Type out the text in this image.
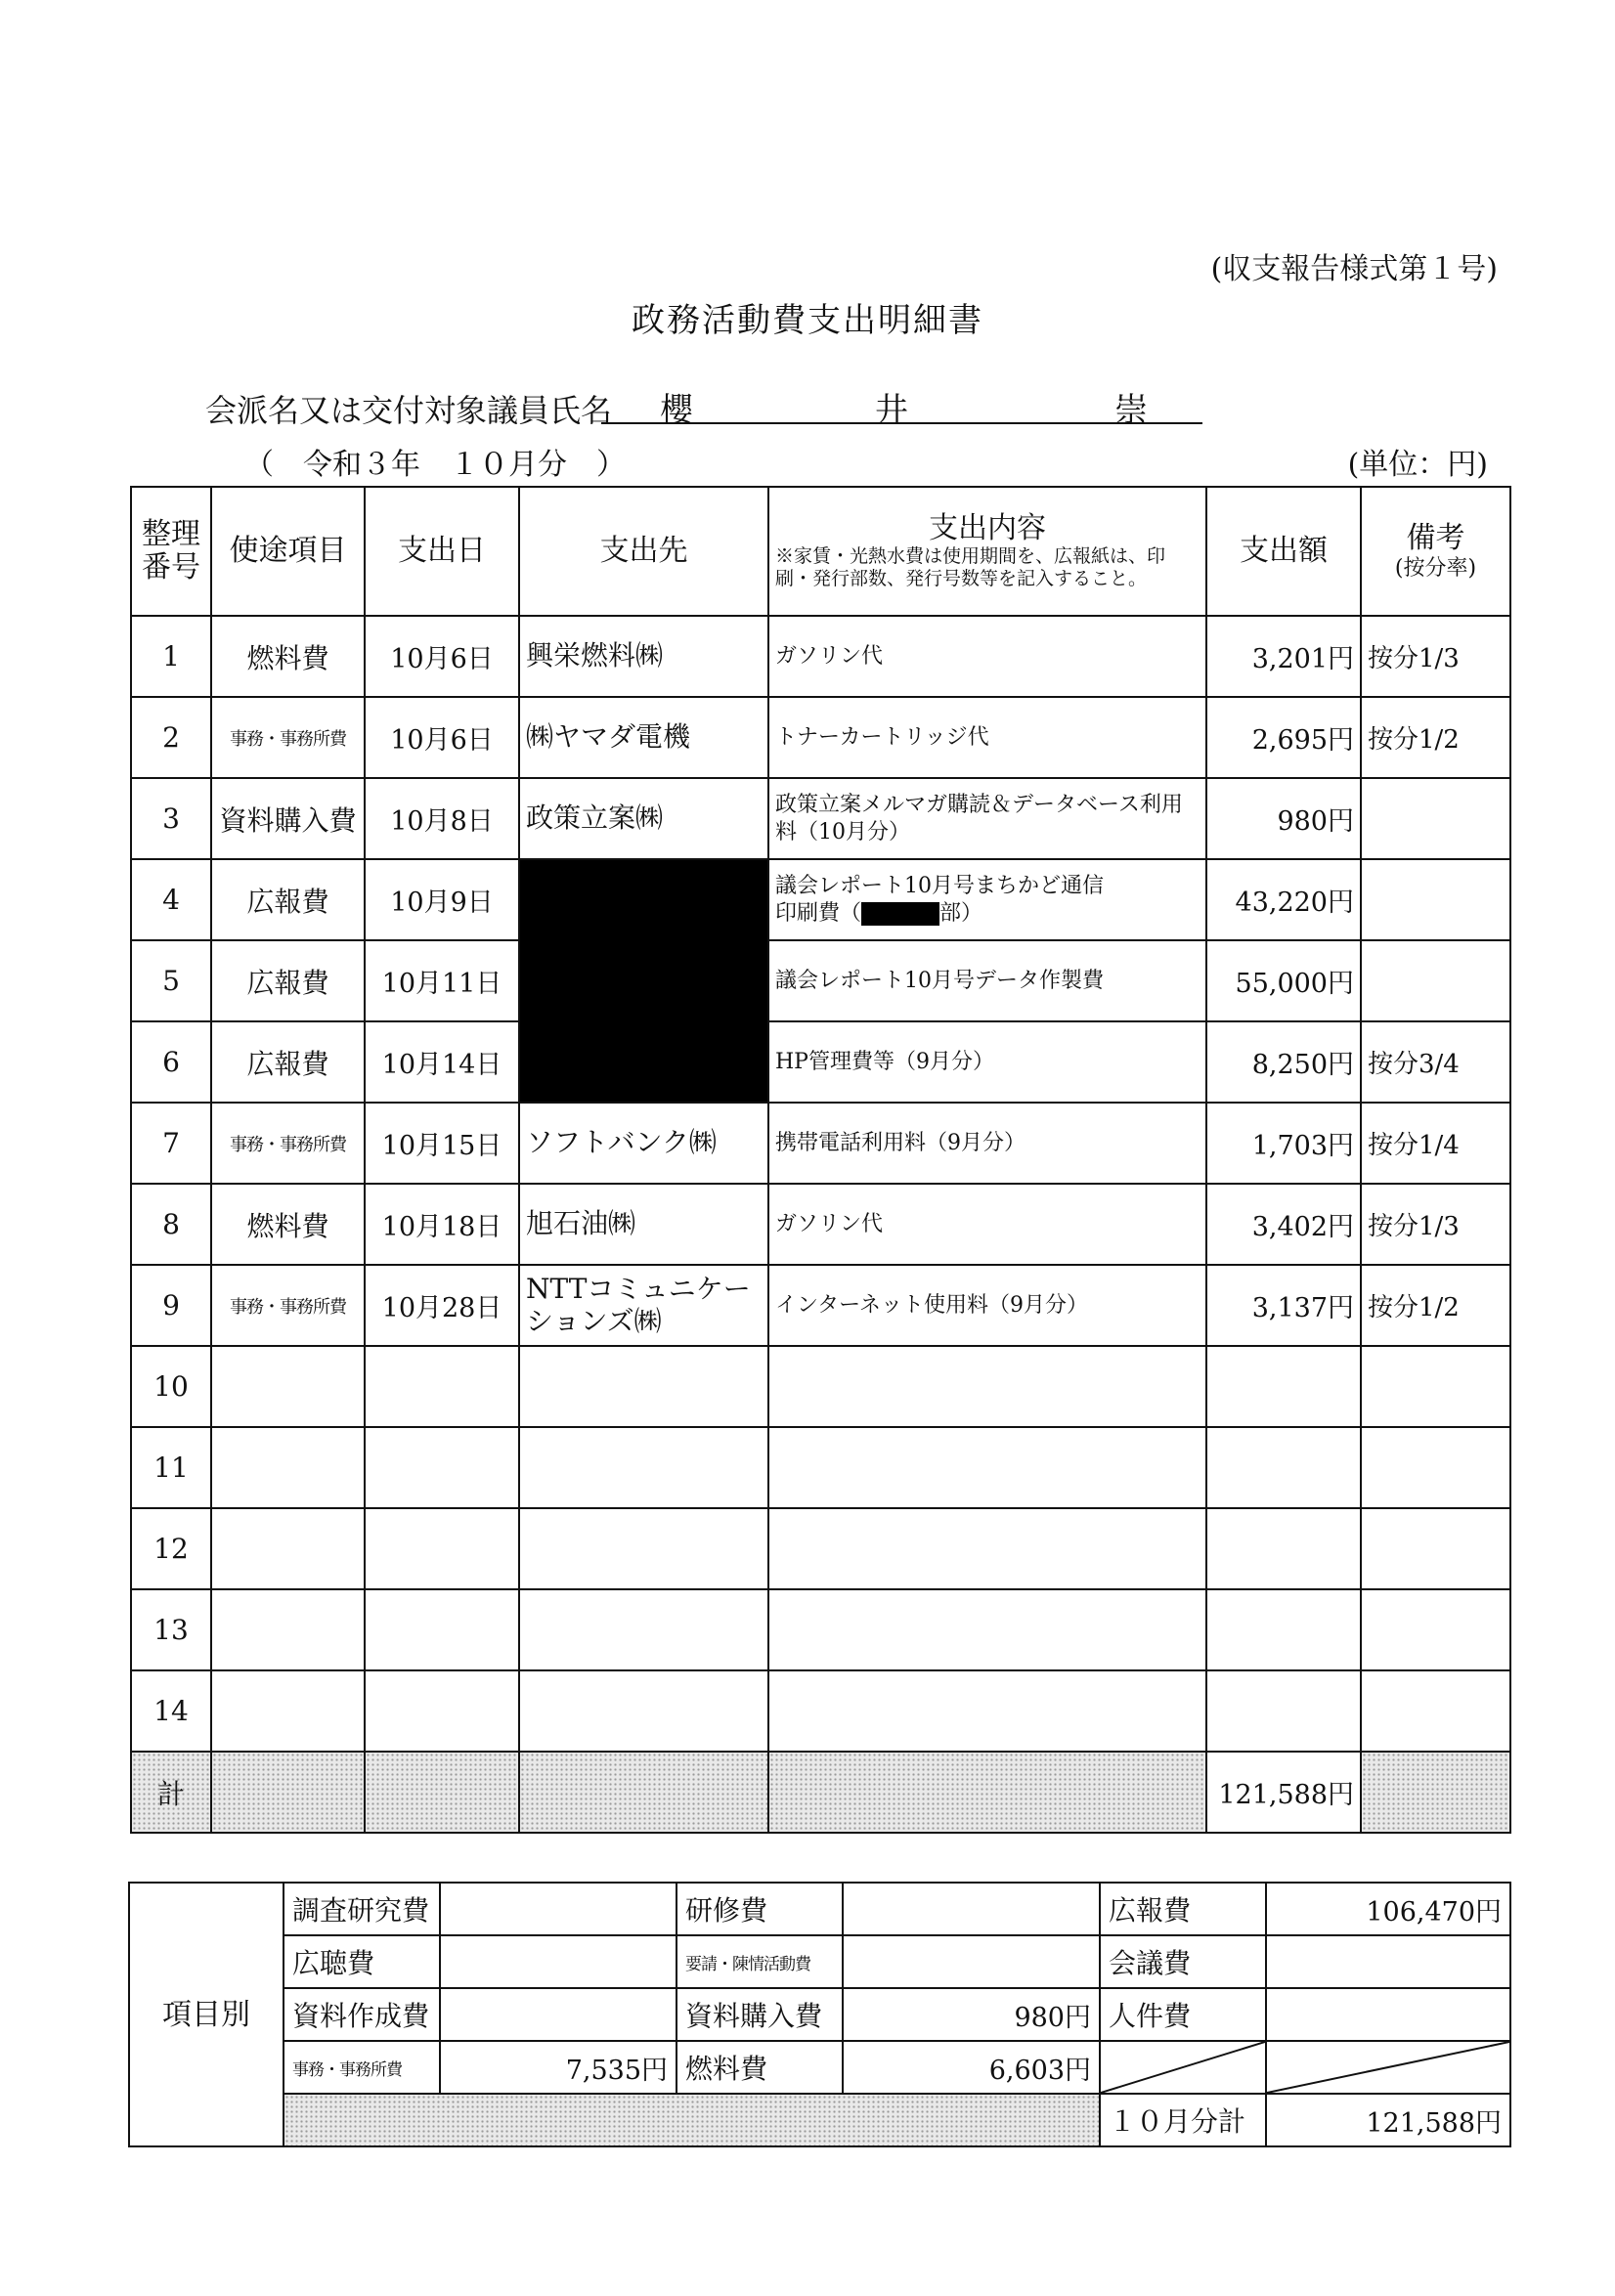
(収支報告様式第１号)
政務活動費支出明細書
会派名又は交付対象議員氏名 櫻	井	崇
（　令和３年　１０月分　）	(単位：円)
整理番号	使途項目	支出日	支出先	支出内容
※家賃・光熱水費は使用期間を、広報紙は、印刷・発行部数、発行号数等を記入すること。	支出額	備考
(按分率)

1	燃料費	10月6日	興栄燃料㈱	ガソリン代	3,201円	按分1/3
2	事務・事務所費	10月6日	㈱ヤマダ電機	トナーカートリッジ代	2,695円	按分1/2
3	資料購入費	10月8日	政策立案㈱	政策立案メルマガ購読＆データベース利用料（10月分）	980円	
4	広報費	10月9日		議会レポート10月号まちかど通信
印刷費（ 部）	43,220円	
5	広報費	10月11日		議会レポート10月号データ作製費	55,000円	
6	広報費	10月14日		HP管理費等（9月分）	8,250円	按分3/4
7	事務・事務所費	10月15日	ソフトバンク㈱	携帯電話利用料（9月分）	1,703円	按分1/4
8	燃料費	10月18日	旭石油㈱	ガソリン代	3,402円	按分1/3
9	事務・事務所費	10月28日	NTTコミュニケーションズ㈱	インターネット使用料（9月分）	3,137円	按分1/2
10						
11						
12						
13						
14						
計					121,588円	
項目別	調査研究費		研修費		広報費	106,470円
	広聴費		要請・陳情活動費		会議費	
	資料作成費		資料購入費	980円	人件費	
	事務・事務所費	7,535円	燃料費	6,603円	

					１０月分計	121,588円
